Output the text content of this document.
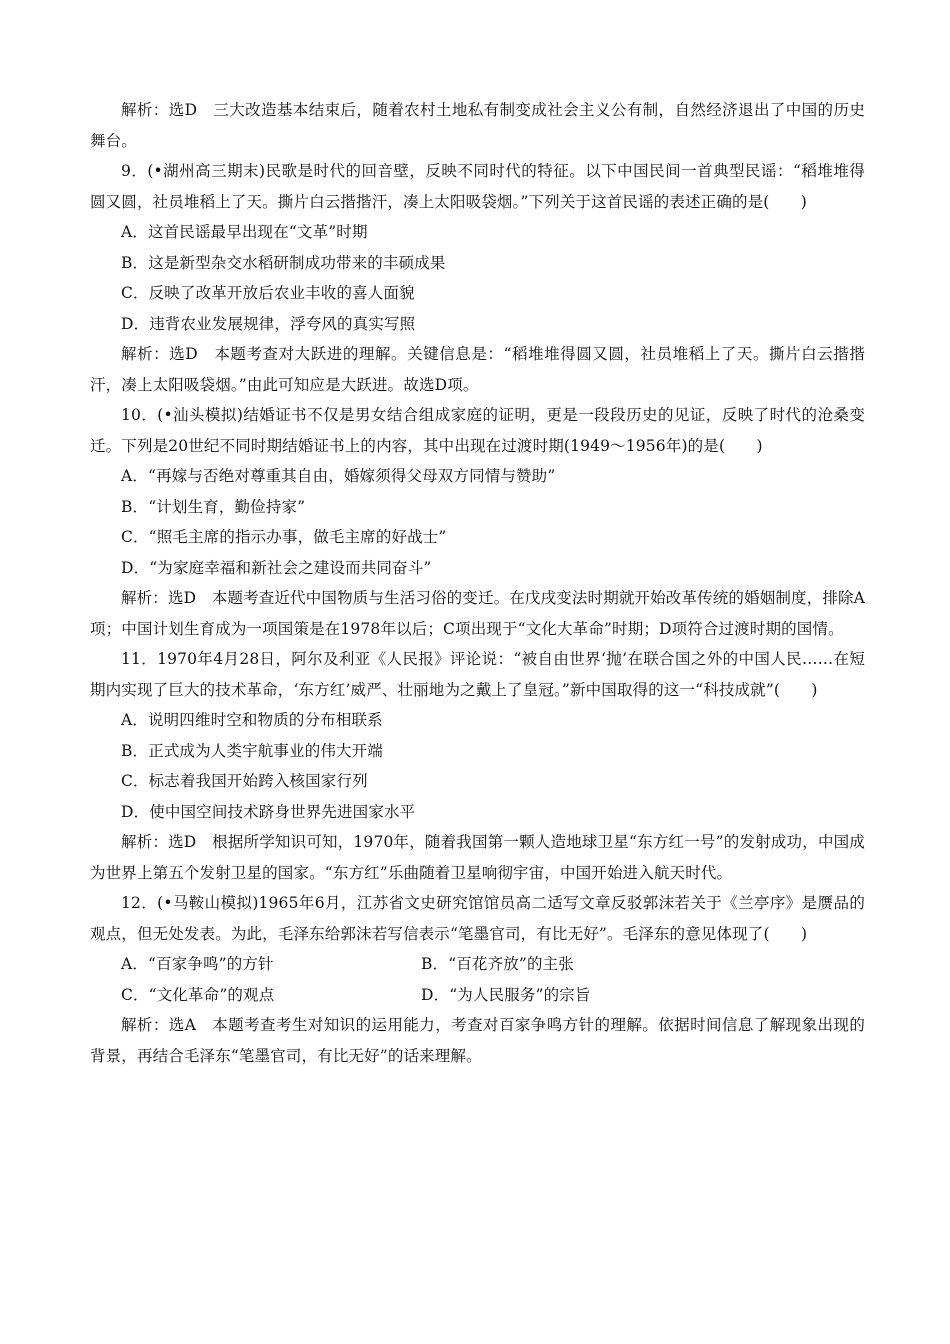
解析：选D　三大改造基本结束后，随着农村土地私有制变成社会主义公有制，自然经济退出了中国的历史舞台。

9．(•湖州高三期末)民歌是时代的回音壁，反映不同时代的特征。以下中国民间一首典型民谣：“稻堆堆得圆又圆，社员堆稻上了天。撕片白云揩揩汗，凑上太阳吸袋烟。”下列关于这首民谣的表述正确的是(　　)

A．这首民谣最早出现在“文革”时期

B．这是新型杂交水稻研制成功带来的丰硕成果

C．反映了改革开放后农业丰收的喜人面貌

D．违背农业发展规律，浮夸风的真实写照

解析：选D　本题考查对大跃进的理解。关键信息是：“稻堆堆得圆又圆，社员堆稻上了天。撕片白云揩揩汗，凑上太阳吸袋烟。”由此可知应是大跃进。故选D项。

10．(•汕头模拟)结婚证书不仅是男女结合组成家庭的证明，更是一段段历史的见证，反映了时代的沧桑变迁。下列是20世纪不同时期结婚证书上的内容，其中出现在过渡时期(1949～1956年)的是(　　)

A．“再嫁与否绝对尊重其自由，婚嫁须得父母双方同情与赞助”

B．“计划生育，勤俭持家”

C．“照毛主席的指示办事，做毛主席的好战士”

D．“为家庭幸福和新社会之建设而共同奋斗”

解析：选D　本题考查近代中国物质与生活习俗的变迁。在戊戌变法时期就开始改革传统的婚姻制度，排除A项；中国计划生育成为一项国策是在1978年以后；C项出现于“文化大革命”时期；D项符合过渡时期的国情。

11．1970年4月28日，阿尔及利亚《人民报》评论说：“被自由世界‘抛’在联合国之外的中国人民……在短期内实现了巨大的技术革命，‘东方红’威严、壮丽地为之戴上了皇冠。”新中国取得的这一“科技成就”(　　)

A．说明四维时空和物质的分布相联系

B．正式成为人类宇航事业的伟大开端

C．标志着我国开始跨入核国家行列

D．使中国空间技术跻身世界先进国家水平

解析：选D　根据所学知识可知，1970年，随着我国第一颗人造地球卫星“东方红一号”的发射成功，中国成为世界上第五个发射卫星的国家。“东方红”乐曲随着卫星响彻宇宙，中国开始进入航天时代。

12．(•马鞍山模拟)1965年6月，江苏省文史研究馆馆员高二适写文章反驳郭沫若关于《兰亭序》是赝品的观点，但无处发表。为此，毛泽东给郭沫若写信表示“笔墨官司，有比无好”。毛泽东的意见体现了(　　)

A．“百家争鸣”的方针	B．“百花齐放”的主张
C．“文化革命”的观点	D．“为人民服务”的宗旨

解析：选A　本题考查考生对知识的运用能力，考查对百家争鸣方针的理解。依据时间信息了解现象出现的背景，再结合毛泽东“笔墨官司，有比无好”的话来理解。
